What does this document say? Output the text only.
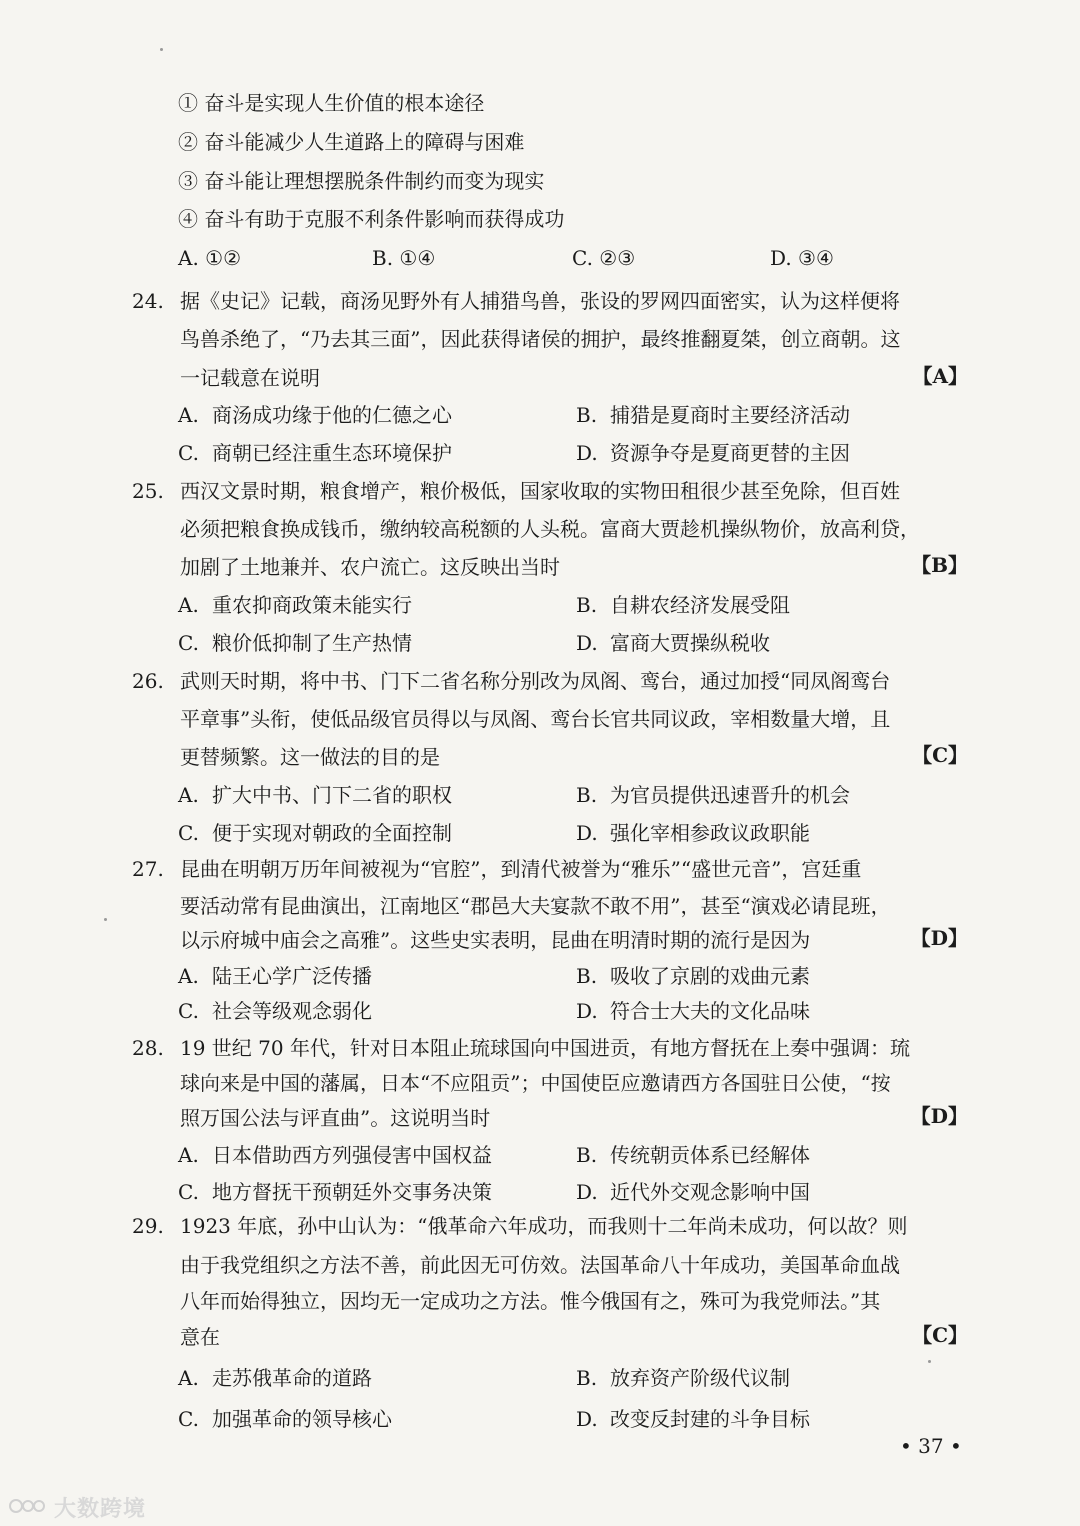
① 奋斗是实现人生价值的根本途径
② 奋斗能减少人生道路上的障碍与困难
③ 奋斗能让理想摆脱条件制约而变为现实
④ 奋斗有助于克服不利条件影响而获得成功
A. ①②	B. ①④	C. ②③	D. ③④
24. 据《史记》记载，商汤见野外有人捕猎鸟兽，张设的罗网四面密实，认为这样便将
鸟兽杀绝了，“乃去其三面”，因此获得诸侯的拥护，最终推翻夏桀，创立商朝。这
一记载意在说明	【A】
A. 商汤成功缘于他的仁德之心	B. 捕猎是夏商时主要经济活动
C. 商朝已经注重生态环境保护	D. 资源争夺是夏商更替的主因
25. 西汉文景时期，粮食增产，粮价极低，国家收取的实物田租很少甚至免除，但百姓
必须把粮食换成钱币，缴纳较高税额的人头税。富商大贾趁机操纵物价，放高利贷，
加剧了土地兼并、农户流亡。这反映出当时	【B】
A. 重农抑商政策未能实行	B. 自耕农经济发展受阻
C. 粮价低抑制了生产热情	D. 富商大贾操纵税收
26. 武则天时期，将中书、门下二省名称分别改为凤阁、鸾台，通过加授“同凤阁鸾台
平章事”头衔，使低品级官员得以与凤阁、鸾台长官共同议政，宰相数量大增，且
更替频繁。这一做法的目的是	【C】
A. 扩大中书、门下二省的职权	B. 为官员提供迅速晋升的机会
C. 便于实现对朝政的全面控制	D. 强化宰相参政议政职能
27. 昆曲在明朝万历年间被视为“官腔”，到清代被誉为“雅乐”“盛世元音”，宫廷重
要活动常有昆曲演出，江南地区“郡邑大夫宴款不敢不用”，甚至“演戏必请昆班，
以示府城中庙会之高雅”。这些史实表明，昆曲在明清时期的流行是因为	【D】
A. 陆王心学广泛传播	B. 吸收了京剧的戏曲元素
C. 社会等级观念弱化	D. 符合士大夫的文化品味
28. 19 世纪 70 年代，针对日本阻止琉球国向中国进贡，有地方督抚在上奏中强调：琉
球向来是中国的藩属，日本“不应阻贡”；中国使臣应邀请西方各国驻日公使，“按
照万国公法与评直曲”。这说明当时	【D】
A. 日本借助西方列强侵害中国权益	B. 传统朝贡体系已经解体
C. 地方督抚干预朝廷外交事务决策	D. 近代外交观念影响中国
29. 1923 年底，孙中山认为：“俄革命六年成功，而我则十二年尚未成功，何以故？则
由于我党组织之方法不善，前此因无可仿效。法国革命八十年成功，美国革命血战
八年而始得独立，因均无一定成功之方法。惟今俄国有之，殊可为我党师法。”其
意在	【C】
A. 走苏俄革命的道路	B. 放弃资产阶级代议制
C. 加强革命的领导核心	D. 改变反封建的斗争目标
• 37 •
大数跨境
